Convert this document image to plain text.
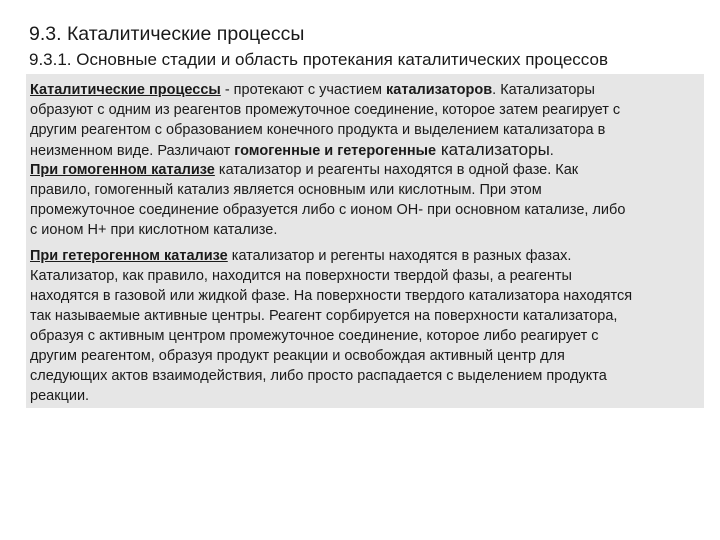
9.3. Каталитические процессы
9.3.1. Основные стадии и область протекания каталитических процессов
Каталитические процессы - протекают с участием катализаторов. Катализаторы
образуют с одним из реагентов промежуточное соединение, которое затем реагирует с
другим реагентом с образованием конечного продукта и выделением катализатора в
неизменном виде. Различают гомогенные и гетерогенные катализаторы.
При гомогенном катализе катализатор и реагенты находятся в одной фазе. Как
правило, гомогенный катализ является основным или кислотным. При этом
промежуточное соединение образуется либо с ионом ОН- при основном катализе, либо
с ионом Н+ при кислотном катализе.
При гетерогенном катализе катализатор и регенты находятся в разных фазах.
Катализатор, как правило, находится на поверхности твердой фазы, а реагенты
находятся в газовой или жидкой фазе. На поверхности твердого катализатора находятся
так называемые активные центры. Реагент сорбируется на поверхности катализатора,
образуя с активным центром промежуточное соединение, которое либо реагирует с
другим реагентом, образуя продукт реакции и освобождая активный центр для
следующих актов взаимодействия, либо просто распадается с выделением продукта
реакции.
